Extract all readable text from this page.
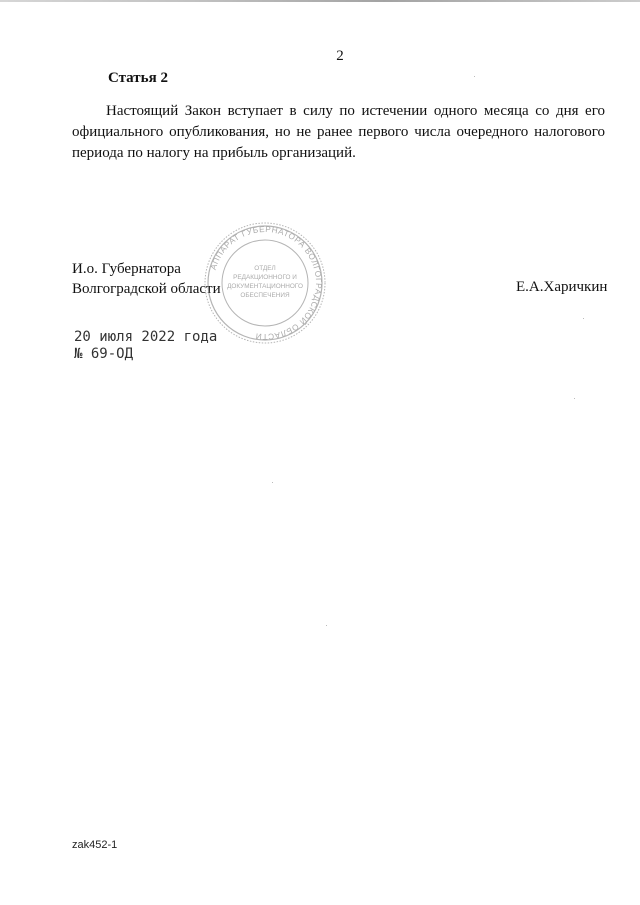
2
Статья 2

Настоящий Закон вступает в силу по истечении одного месяца со дня его официального опубликования, но не ранее первого числа очередного налогового периода по налогу на прибыль организаций.

И.о. Губернатора
Волгоградской области
АППАРАТ ГУБЕРНАТОРА ВОЛГОГРАДСКОЙ ОБЛАСТИ
ОТДЕЛ
РЕДАКЦИОННОГО И
ДОКУМЕНТАЦИОННОГО
ОБЕСПЕЧЕНИЯ
Е.А.Харичкин
20 июля 2022 года
№ 69-ОД
zak452-1
